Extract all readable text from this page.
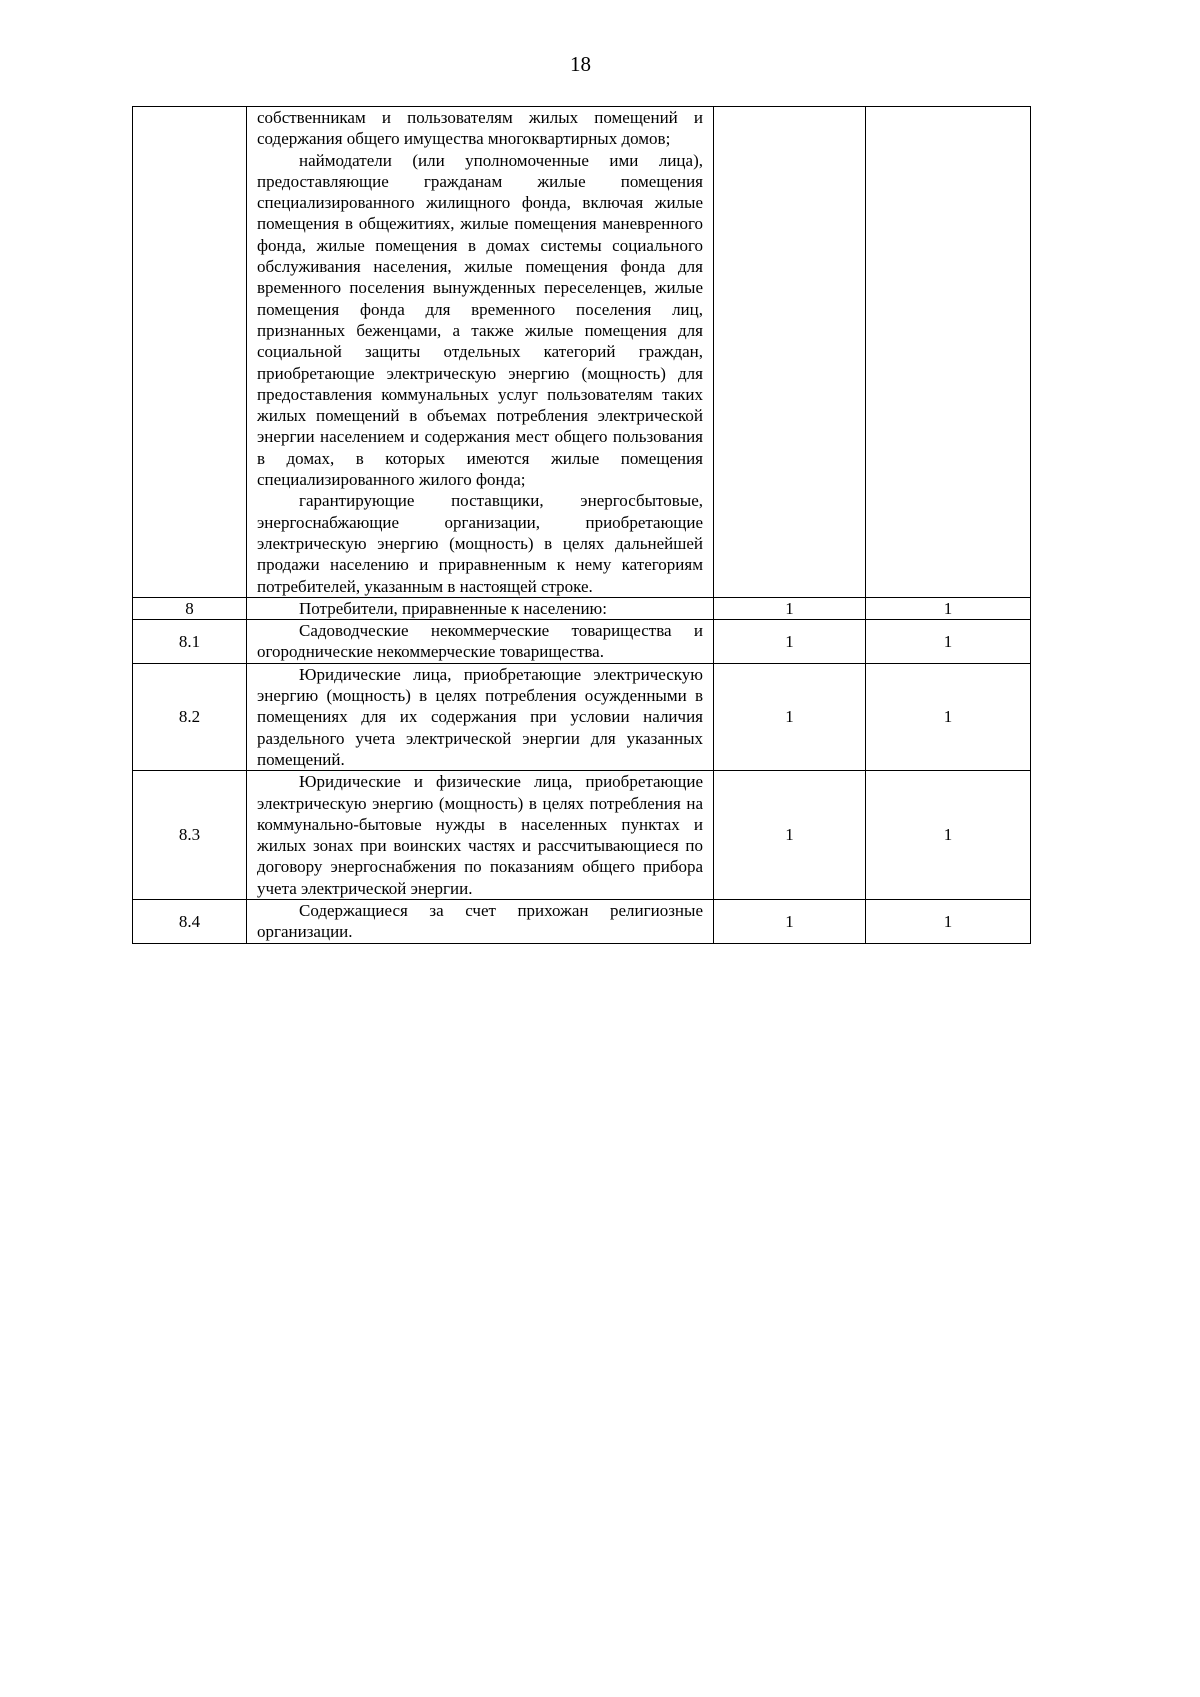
18

	собственникам и пользователям жилых помещений и содержания общего имущества многоквартирных домов;

наймодатели (или уполномоченные ими лица), предоставляющие гражданам жилые помещения специализированного жилищного фонда, включая жилые помещения в общежитиях, жилые помещения маневренного фонда, жилые помещения в домах системы социального обслуживания населения, жилые помещения фонда для временного поселения вынужденных переселенцев, жилые помещения фонда для временного поселения лиц, признанных беженцами, а также жилые помещения для социальной защиты отдельных категорий граждан, приобретающие электрическую энергию (мощность) для предоставления коммунальных услуг пользователям таких жилых помещений в объемах потребления электрической энергии населением и содержания мест общего пользования в домах, в которых имеются жилые помещения специализированного жилого фонда;

гарантирующие поставщики, энергосбытовые, энергоснабжающие организации, приобретающие электрическую энергию (мощность) в целях дальнейшей продажи населению и приравненным к нему категориям потребителей, указанным в настоящей строке.		

8	Потребители, приравненные к населению:	1	1
8.1	Садоводческие некоммерческие товарищества и огороднические некоммерческие товарищества.	1	1
8.2	Юридические лица, приобретающие электрическую энергию (мощность) в целях потребления осужденными в помещениях для их содержания при условии наличия раздельного учета электрической энергии для указанных помещений.	1	1
8.3	Юридические и физические лица, приобретающие электрическую энергию (мощность) в целях потребления на коммунально-бытовые нужды в населенных пунктах и жилых зонах при воинских частях и рассчитывающиеся по договору энергоснабжения по показаниям общего прибора учета электрической энергии.	1	1
8.4	Содержащиеся за счет прихожан религиозные организации.	1	1
